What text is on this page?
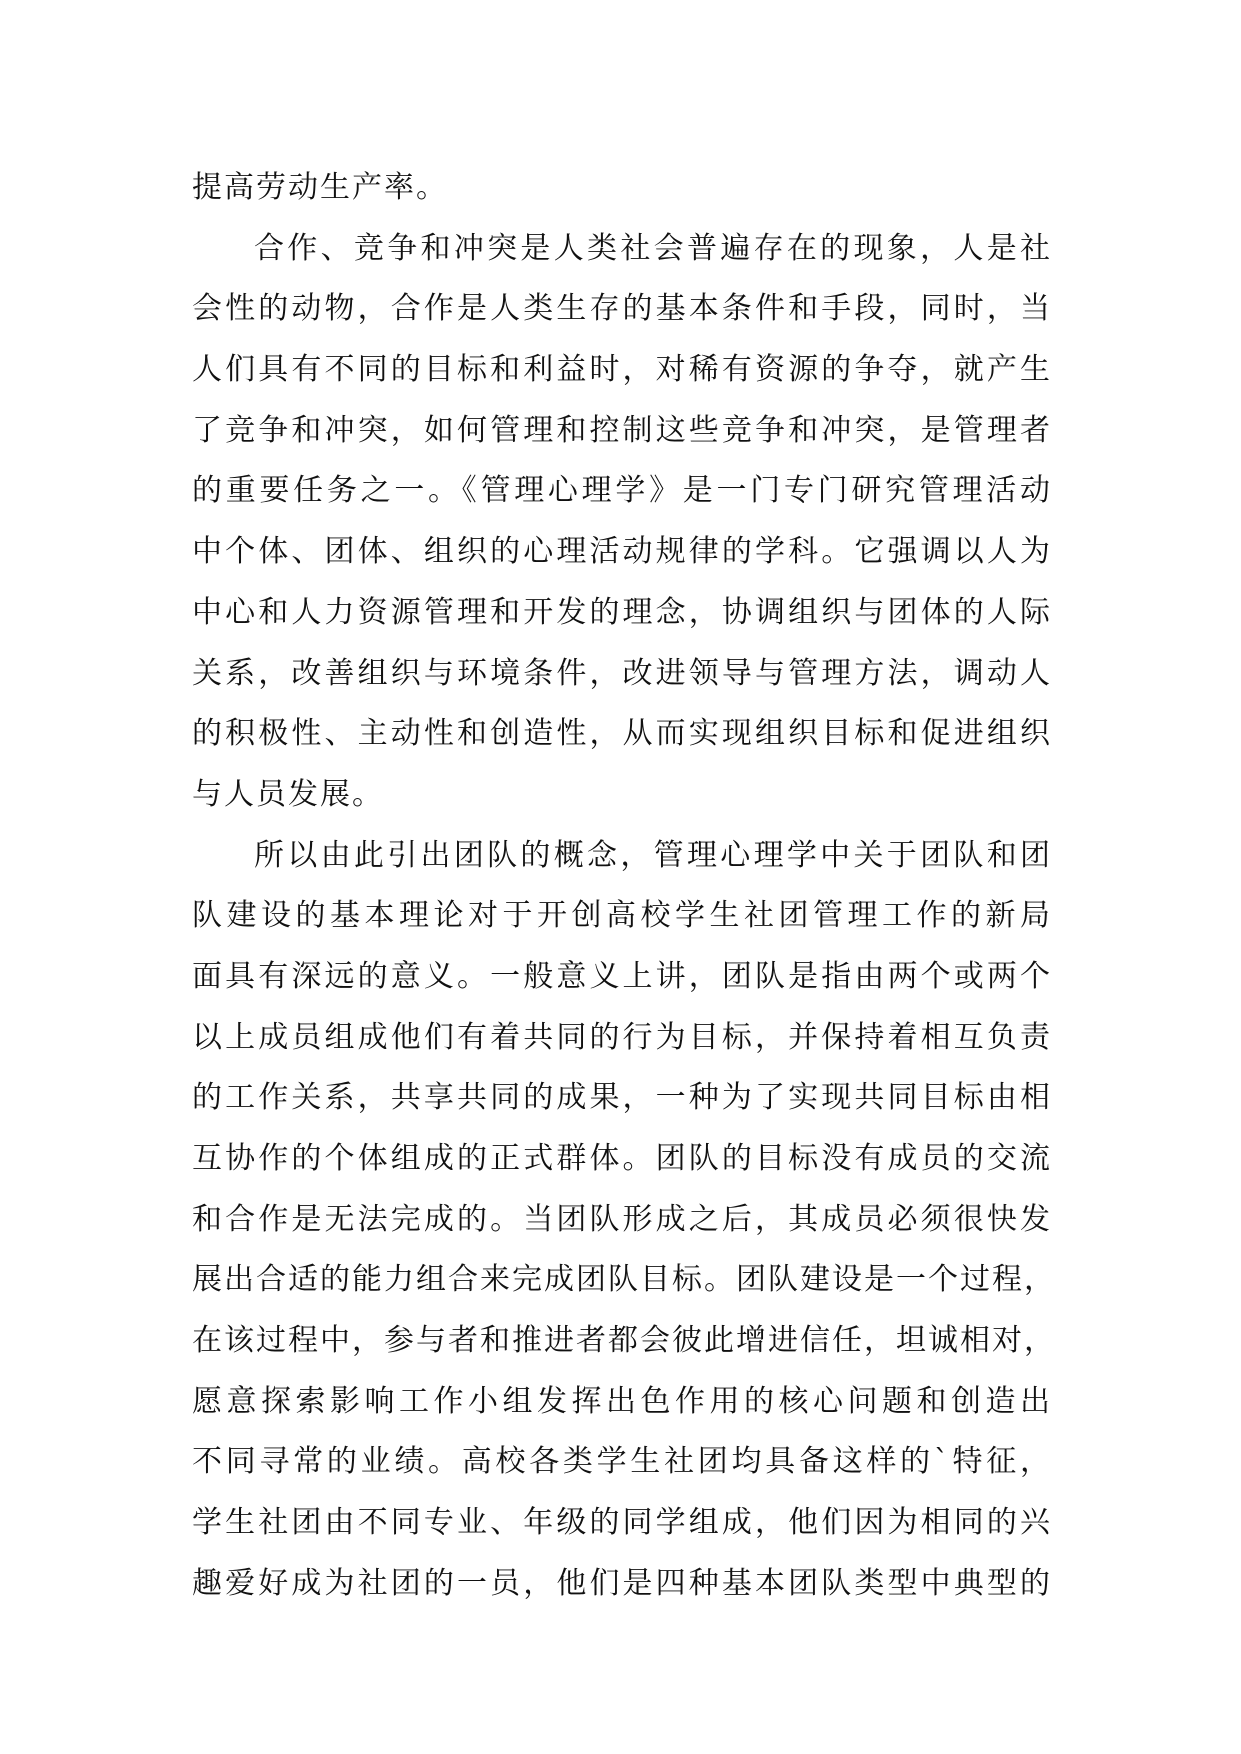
提高劳动生产率。
合作、竞争和冲突是人类社会普遍存在的现象，人是社
会性的动物，合作是人类生存的基本条件和手段，同时，当
人们具有不同的目标和利益时，对稀有资源的争夺，就产生
了竞争和冲突，如何管理和控制这些竞争和冲突，是管理者
的重要任务之一。《管理心理学》是一门专门研究管理活动
中个体、团体、组织的心理活动规律的学科。它强调以人为
中心和人力资源管理和开发的理念，协调组织与团体的人际
关系，改善组织与环境条件，改进领导与管理方法，调动人
的积极性、主动性和创造性，从而实现组织目标和促进组织
与人员发展。
所以由此引出团队的概念，管理心理学中关于团队和团
队建设的基本理论对于开创高校学生社团管理工作的新局
面具有深远的意义。一般意义上讲，团队是指由两个或两个
以上成员组成他们有着共同的行为目标，并保持着相互负责
的工作关系，共享共同的成果，一种为了实现共同目标由相
互协作的个体组成的正式群体。团队的目标没有成员的交流
和合作是无法完成的。当团队形成之后，其成员必须很快发
展出合适的能力组合来完成团队目标。团队建设是一个过程，
在该过程中，参与者和推进者都会彼此增进信任，坦诚相对，
愿意探索影响工作小组发挥出色作用的核心问题和创造出
不同寻常的业绩。高校各类学生社团均具备这样的`特征，
学生社团由不同专业、年级的同学组成，他们因为相同的兴
趣爱好成为社团的一员，他们是四种基本团队类型中典型的
